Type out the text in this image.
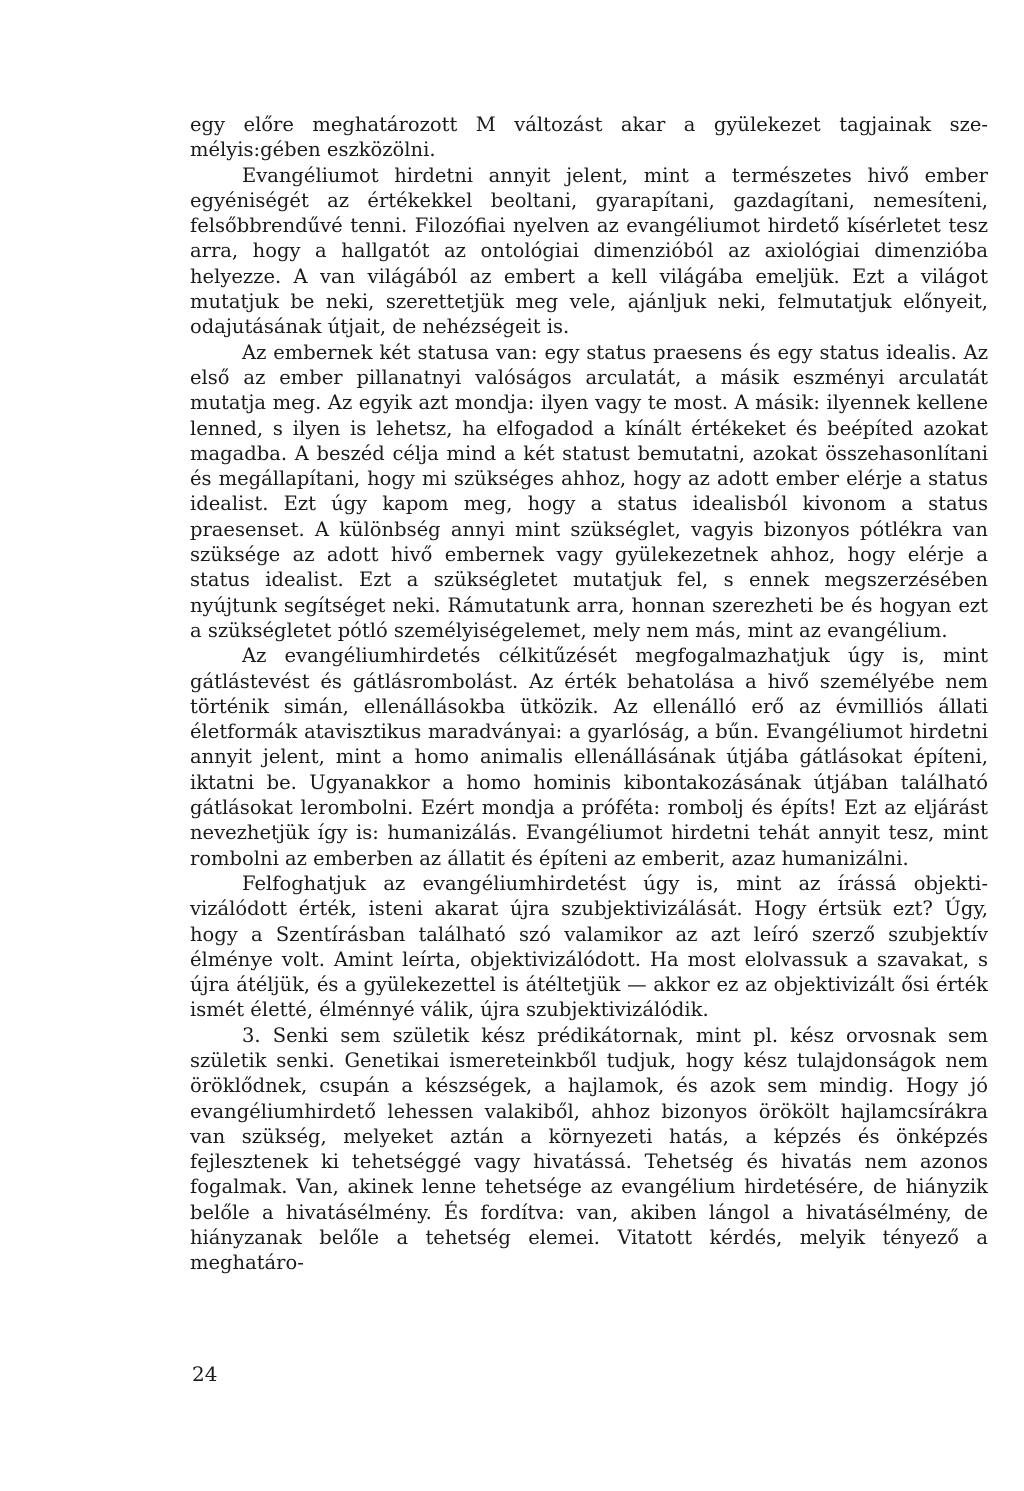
egy előre meghatározott M változást akar a gyülekezet tagjainak személyis:gében eszközölni.

Evangéliumot hirdetni annyit jelent, mint a természetes hivő ember egyéniségét az értékekkel beoltani, gyarapítani, gazdagítani, nemesíteni, felsőbbrendűvé tenni. Filozófiai nyelven az evangéliumot hirdető kísérletet tesz arra, hogy a hallgatót az ontológiai dimenzióból az axiológiai dimenzióba helyezze. A van világából az embert a kell világába emeljük. Ezt a világot mutatjuk be neki, szerettetjük meg vele, ajánljuk neki, felmutatjuk előnyeit, odajutásának útjait, de nehézségeit is.

Az embernek két statusa van: egy status praesens és egy status idealis. Az első az ember pillanatnyi valóságos arculatát, a másik eszményi arculatát mutatja meg. Az egyik azt mondja: ilyen vagy te most. A másik: ilyennek kellene lenned, s ilyen is lehetsz, ha elfogadod a kínált értékeket és beépíted azokat magadba. A beszéd célja mind a két statust bemutatni, azokat összehasonlítani és megállapítani, hogy mi szükséges ahhoz, hogy az adott ember elérje a status idealist. Ezt úgy kapom meg, hogy a status idealisból kivonom a status praesenset. A különbség annyi mint szükséglet, vagyis bizonyos pótlékra van szüksége az adott hivő embernek vagy gyülekezetnek ahhoz, hogy elérje a status idealist. Ezt a szükségletet mutatjuk fel, s ennek megszerzésében nyújtunk segítséget neki. Rámutatunk arra, honnan szerezheti be és hogyan ezt a szükségletet pótló személyiségelemet, mely nem más, mint az evangélium.

Az evangéliumhirdetés célkitűzését megfogalmazhatjuk úgy is, mint gátlástevést és gátlásrombolást. Az érték behatolása a hivő személyébe nem történik simán, ellenállásokba ütközik. Az ellenálló erő az évmilliós állati életformák atavisztikus maradványai: a gyarlóság, a bűn. Evangéliumot hirdetni annyit jelent, mint a homo animalis ellenállásának útjába gátlásokat építeni, iktatni be. Ugyanakkor a homo hominis kibontakozásának útjában található gátlásokat lerombolni. Ezért mondja a próféta: rombolj és építs! Ezt az eljárást nevezhetjük így is: humanizálás. Evangéliumot hirdetni tehát annyit tesz, mint rombolni az emberben az állatit és építeni az emberit, azaz humanizálni.

Felfoghatjuk az evangéliumhirdetést úgy is, mint az írássá objektivizálódott érték, isteni akarat újra szubjektivizálását. Hogy értsük ezt? Úgy, hogy a Szentírásban található szó valamikor az azt leíró szerző szubjektív élménye volt. Amint leírta, objektivizálódott. Ha most elolvassuk a szavakat, s újra átéljük, és a gyülekezettel is átéltetjük — akkor ez az objektivizált ősi érték ismét életté, élménnyé válik, újra szubjektivizálódik.

3. Senki sem születik kész prédikátornak, mint pl. kész orvosnak sem születik senki. Genetikai ismereteinkből tudjuk, hogy kész tulajdonságok nem öröklődnek, csupán a készségek, a hajlamok, és azok sem mindig. Hogy jó evangéliumhirdető lehessen valakiből, ahhoz bizonyos örökölt hajlamcsírákra van szükség, melyeket aztán a környezeti hatás, a képzés és önképzés fejlesztenek ki tehetséggé vagy hivatássá. Tehetség és hivatás nem azonos fogalmak. Van, akinek lenne tehetsége az evangélium hirdetésére, de hiányzik belőle a hivatásélmény. És fordítva: van, akiben lángol a hivatásélmény, de hiányzanak belőle a tehetség elemei. Vitatott kérdés, melyik tényező a meghatáro-

24
